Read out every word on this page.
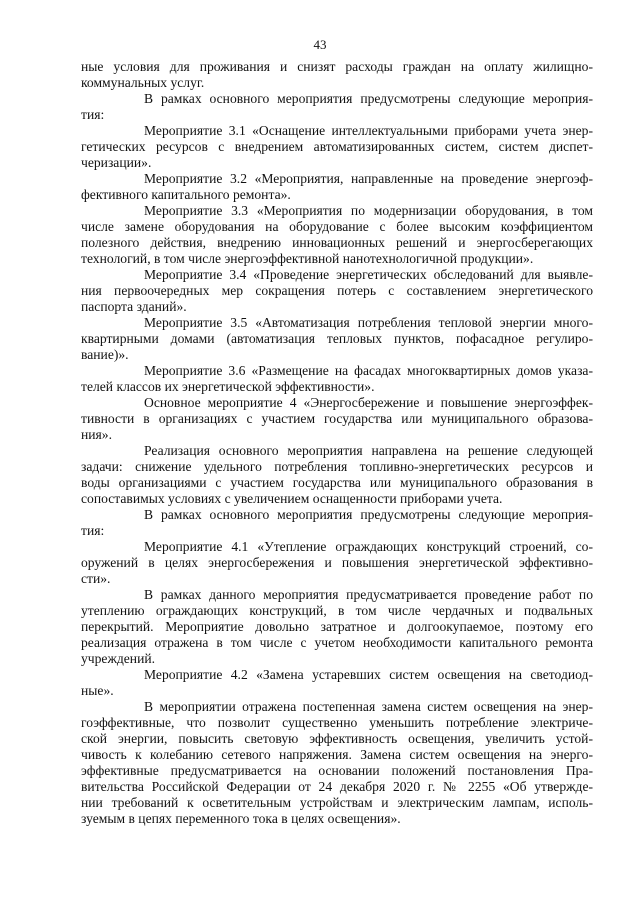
43
ные условия для проживания и снизят расходы граждан на оплату жилищно-
коммунальных услуг.
В рамках основного мероприятия предусмотрены следующие мероприя-
тия:
Мероприятие 3.1 «Оснащение интеллектуальными приборами учета энер-
гетических ресурсов с внедрением автоматизированных систем, систем диспет-
черизации».
Мероприятие 3.2 «Мероприятия, направленные на проведение энергоэф-
фективного капитального ремонта».
Мероприятие 3.3 «Мероприятия по модернизации оборудования, в том
числе замене оборудования на оборудование с более высоким коэффициентом
полезного действия, внедрению инновационных решений и энергосберегающих
технологий, в том числе энергоэффективной нанотехнологичной продукции».
Мероприятие 3.4 «Проведение энергетических обследований для выявле-
ния первоочередных мер сокращения потерь с составлением энергетического
паспорта зданий».
Мероприятие 3.5 «Автоматизация потребления тепловой энергии много-
квартирными домами (автоматизация тепловых пунктов, пофасадное регулиро-
вание)».
Мероприятие 3.6 «Размещение на фасадах многоквартирных домов указа-
телей классов их энергетической эффективности».
Основное мероприятие 4 «Энергосбережение и повышение энергоэффек-
тивности в организациях с участием государства или муниципального образова-
ния».
Реализация основного мероприятия направлена на решение следующей
задачи: снижение удельного потребления топливно-энергетических ресурсов и
воды организациями с участием государства или муниципального образования в
сопоставимых условиях с увеличением оснащенности приборами учета.
В рамках основного мероприятия предусмотрены следующие мероприя-
тия:
Мероприятие 4.1 «Утепление ограждающих конструкций строений, со-
оружений в целях энергосбережения и повышения энергетической эффективно-
сти».
В рамках данного мероприятия предусматривается проведение работ по
утеплению ограждающих конструкций, в том числе чердачных и подвальных
перекрытий. Мероприятие довольно затратное и долгоокупаемое, поэтому его
реализация отражена в том числе с учетом необходимости капитального ремонта
учреждений.
Мероприятие 4.2 «Замена устаревших систем освещения на светодиод-
ные».
В мероприятии отражена постепенная замена систем освещения на энер-
гоэффективные, что позволит существенно уменьшить потребление электриче-
ской энергии, повысить световую эффективность освещения, увеличить устой-
чивость к колебанию сетевого напряжения. Замена систем освещения на энерго-
эффективные предусматривается на основании положений постановления Пра-
вительства Российской Федерации от 24 декабря 2020 г. № 2255 «Об утвержде-
нии требований к осветительным устройствам и электрическим лампам, исполь-
зуемым в цепях переменного тока в целях освещения».
